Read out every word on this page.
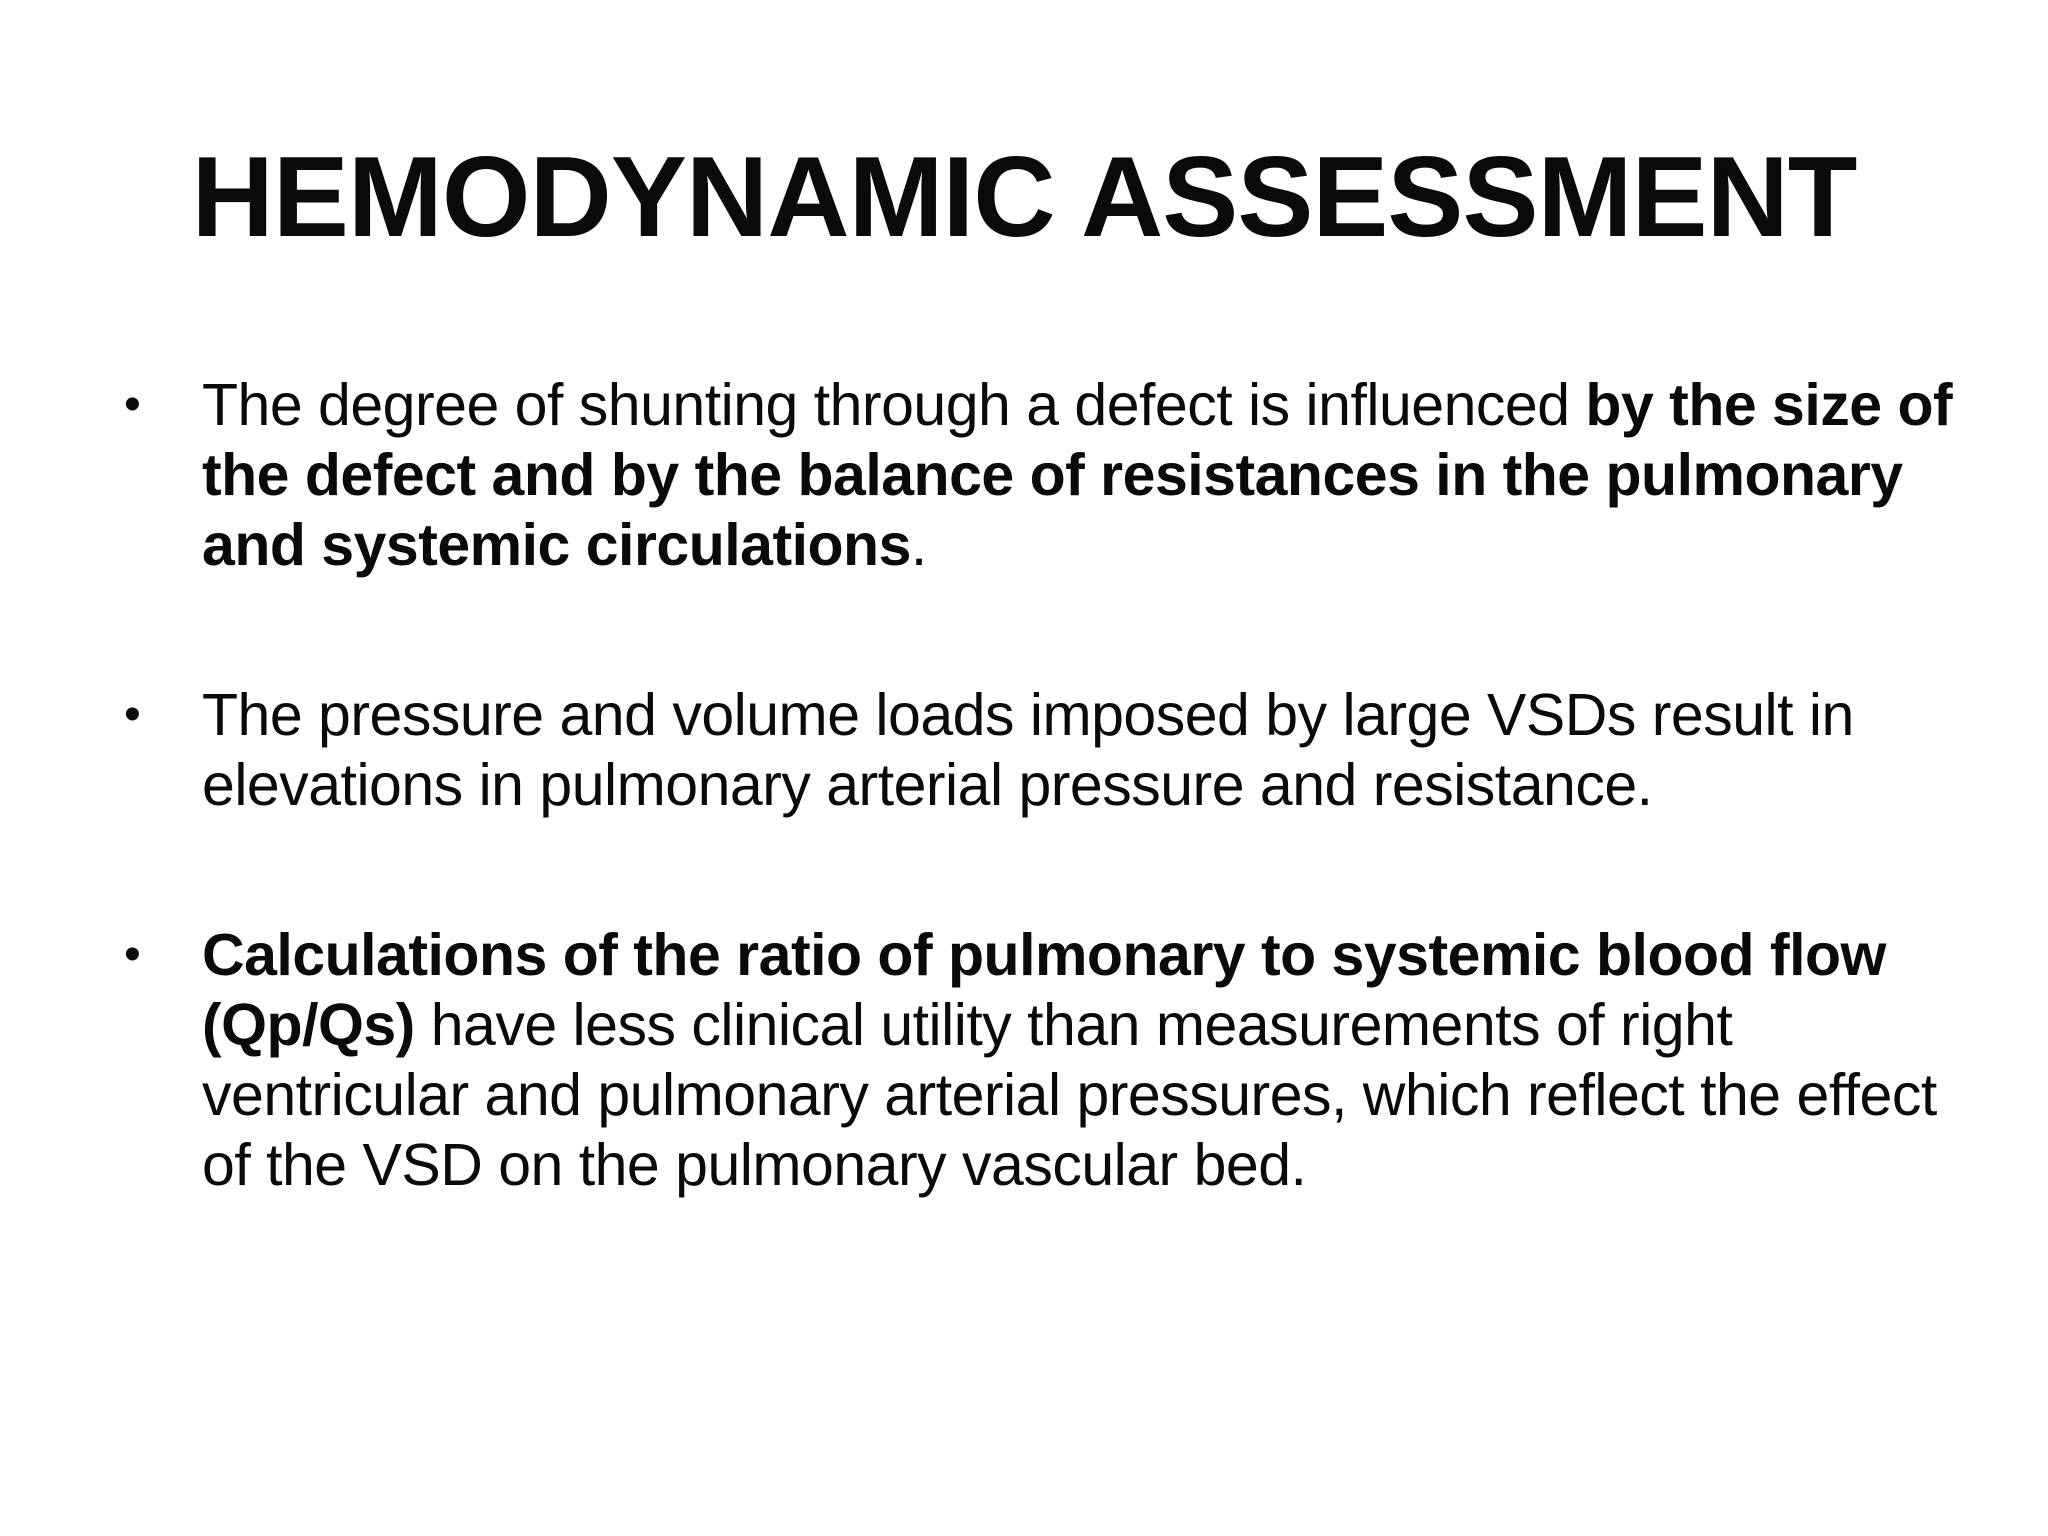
HEMODYNAMIC ASSESSMENT
•	The degree of shunting through a defect is influenced by the size of the defect and by the balance of resistances in the pulmonary and systemic circulations.
•	The pressure and volume loads imposed by large VSDs result in elevations in pulmonary arterial pressure and resistance.
•	Calculations of the ratio of pulmonary to systemic blood flow (Qp/Qs) have less clinical utility than measurements of right ventricular and pulmonary arterial pressures, which reflect the effect of the VSD on the pulmonary vascular bed.
